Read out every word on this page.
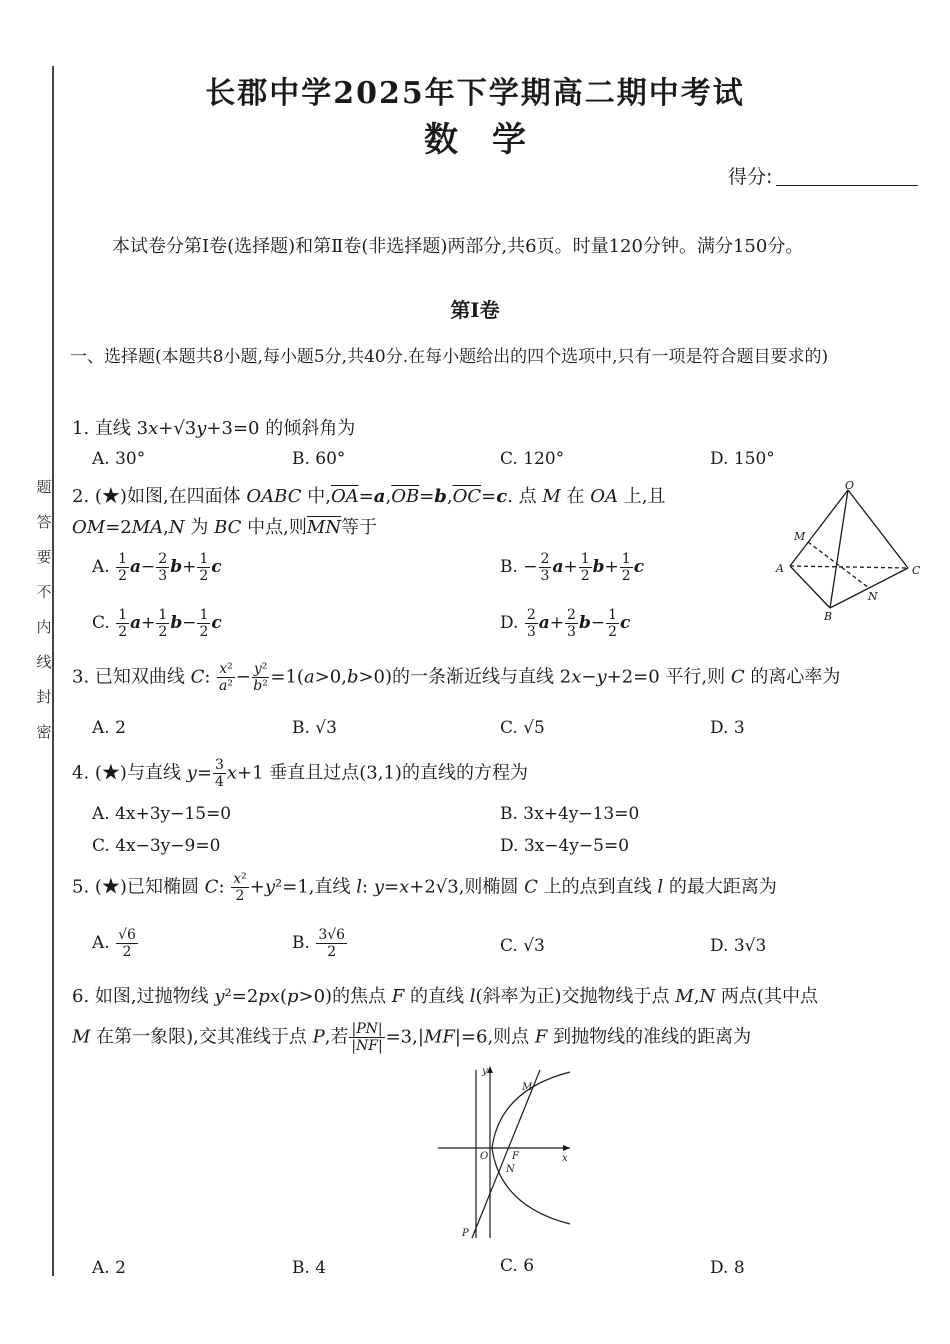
题
答
要
不
内
线
封
密
长郡中学2025年下学期高二期中考试
数学
得分:
本试卷分第Ⅰ卷(选择题)和第Ⅱ卷(非选择题)两部分,共6页。时量120分钟。满分150分。
第Ⅰ卷
一、选择题(本题共8小题,每小题5分,共40分.在每小题给出的四个选项中,只有一项是符合题目要求的)
1. 直线 3x+√3y+3=0 的倾斜角为
A. 30°	B. 60°	C. 120°	D. 150°
2. (★)如图,在四面体 OABC 中$,\overline{OA}=a,\overline{OB}=b,\overline{OC}=c$. 点 M 在 OA 上,且
OM=2MA,N 为 BC 中点,则$\overline{MN}$等于
A. $\frac{1}{2} a- \frac{2}{3} b+ \frac{1}{2}$ c	B. − $\frac{2}{3} a+ \frac{1}{2} b+ \frac{1}{2}$ c
C. $\frac{1}{2} a+ \frac{1}{2} b- \frac{1}{2}$ c	D. $\frac{2}{3} a+ \frac{2}{3} b- \frac{1}{2}$ c
O
M
A	C
N
B
3. 已知双曲线 C: $\frac{\text{x²}}{\text{a²}} - \frac{\text{y²}}{\text{b²}} =1(a>0,b>0)$的一条渐近线与直线 2x−y+2=0 平行,则 C 的离心率为
A. 2	B. √3	C. √5	D. 3
4. (★)与直线 $y= \frac{3}{4} x+1$ 垂直且过点(3,1)的直线的方程为
A. 4x+3y−15=0	B. 3x+4y−13=0
C. 4x−3y−9=0	D. 3x−4y−5=0
5. (★)已知椭圆 C: $\frac{\text{x²}}{2} +y^2=1$,直线 l: y=x+2√3,则椭圆 C 上的点到直线 l 的最大距离为
A. $\frac{√6}{2}$	B. $\frac{3√6}{2}$	C. √3	D. 3√3
6. 如图,过抛物线 y²=2px(p>0)的焦点 F 的直线 l(斜率为正)交抛物线于点 M,N 两点(其中点
M 在第一象限),交其准线于点 P,若 $\frac{|PN|}{|NF|} =3,|MF|=6$,则点 F 到抛物线的准线的距离为
y
M
O F
N
x
P
A. 2	B. 4	C. 6	D. 8
